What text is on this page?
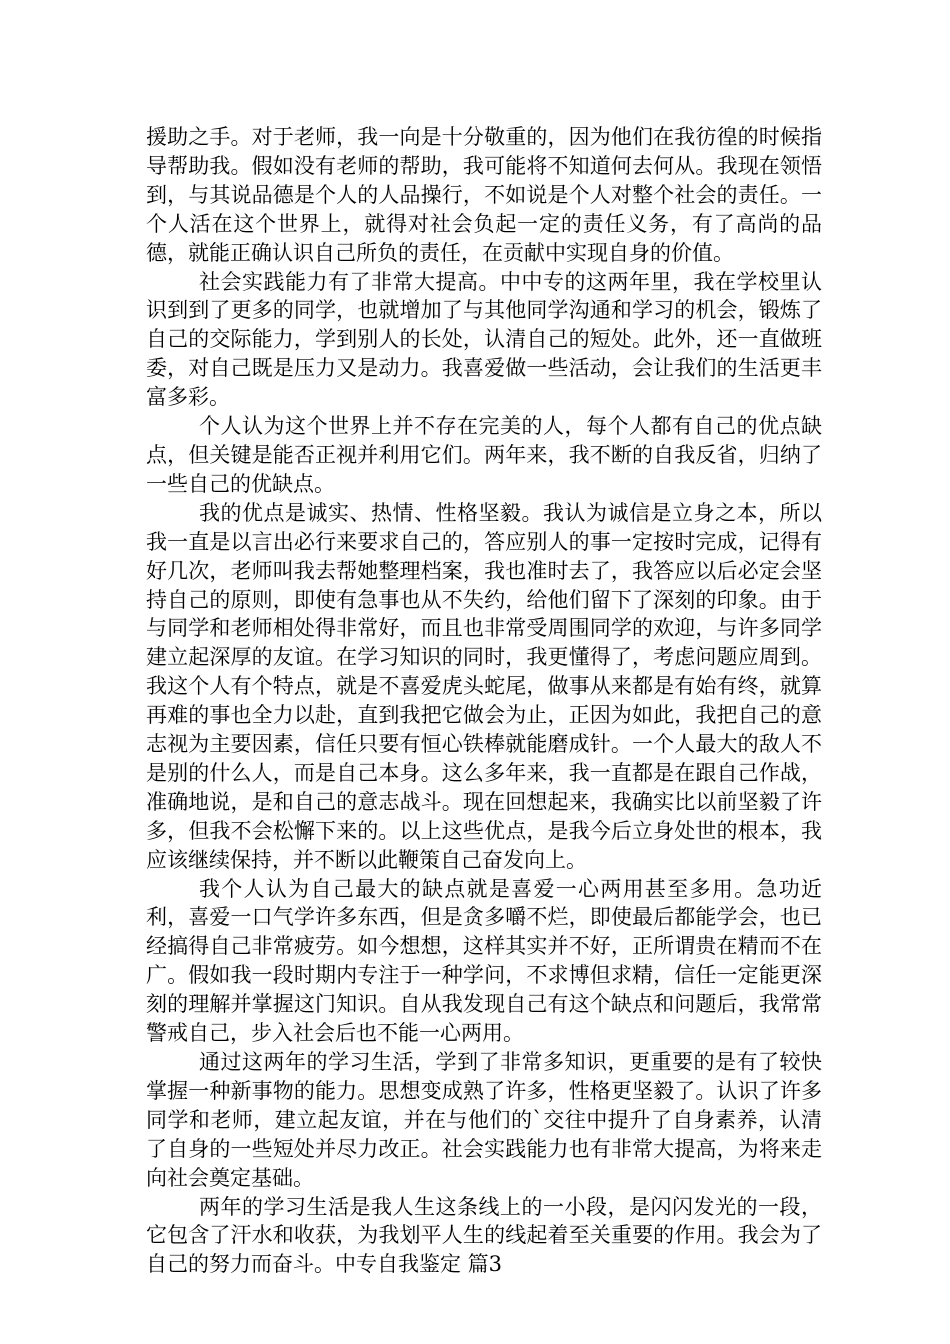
援助之手。对于老师，我一向是十分敬重的，因为他们在我彷徨的时候指导帮助我。假如没有老师的帮助，我可能将不知道何去何从。我现在领悟到，与其说品德是个人的人品操行，不如说是个人对整个社会的责任。一个人活在这个世界上，就得对社会负起一定的责任义务，有了高尚的品德，就能正确认识自己所负的责任，在贡献中实现自身的价值。

社会实践能力有了非常大提高。中中专的这两年里，我在学校里认识到到了更多的同学，也就增加了与其他同学沟通和学习的机会，锻炼了自己的交际能力，学到别人的长处，认清自己的短处。此外，还一直做班委，对自己既是压力又是动力。我喜爱做一些活动，会让我们的生活更丰富多彩。

个人认为这个世界上并不存在完美的人，每个人都有自己的优点缺点，但关键是能否正视并利用它们。两年来，我不断的自我反省，归纳了一些自己的优缺点。

我的优点是诚实、热情、性格坚毅。我认为诚信是立身之本，所以我一直是以言出必行来要求自己的，答应别人的事一定按时完成，记得有好几次，老师叫我去帮她整理档案，我也准时去了，我答应以后必定会坚持自己的原则，即使有急事也从不失约，给他们留下了深刻的印象。由于与同学和老师相处得非常好，而且也非常受周围同学的欢迎，与许多同学建立起深厚的友谊。在学习知识的同时，我更懂得了，考虑问题应周到。我这个人有个特点，就是不喜爱虎头蛇尾，做事从来都是有始有终，就算再难的事也全力以赴，直到我把它做会为止，正因为如此，我把自己的意志视为主要因素，信任只要有恒心铁棒就能磨成针。一个人最大的敌人不是别的什么人，而是自己本身。这么多年来，我一直都是在跟自己作战，准确地说，是和自己的意志战斗。现在回想起来，我确实比以前坚毅了许多，但我不会松懈下来的。以上这些优点，是我今后立身处世的根本，我应该继续保持，并不断以此鞭策自己奋发向上。

我个人认为自己最大的缺点就是喜爱一心两用甚至多用。急功近利，喜爱一口气学许多东西，但是贪多嚼不烂，即使最后都能学会，也已经搞得自己非常疲劳。如今想想，这样其实并不好，正所谓贵在精而不在广。假如我一段时期内专注于一种学问，不求博但求精，信任一定能更深刻的理解并掌握这门知识。自从我发现自己有这个缺点和问题后，我常常警戒自己，步入社会后也不能一心两用。

通过这两年的学习生活，学到了非常多知识，更重要的是有了较快掌握一种新事物的能力。思想变成熟了许多，性格更坚毅了。认识了许多同学和老师，建立起友谊，并在与他们的`交往中提升了自身素养，认清了自身的一些短处并尽力改正。社会实践能力也有非常大提高，为将来走向社会奠定基础。

两年的学习生活是我人生这条线上的一小段，是闪闪发光的一段，它包含了汗水和收获，为我划平人生的线起着至关重要的作用。我会为了自己的努力而奋斗。中专自我鉴定 篇3
